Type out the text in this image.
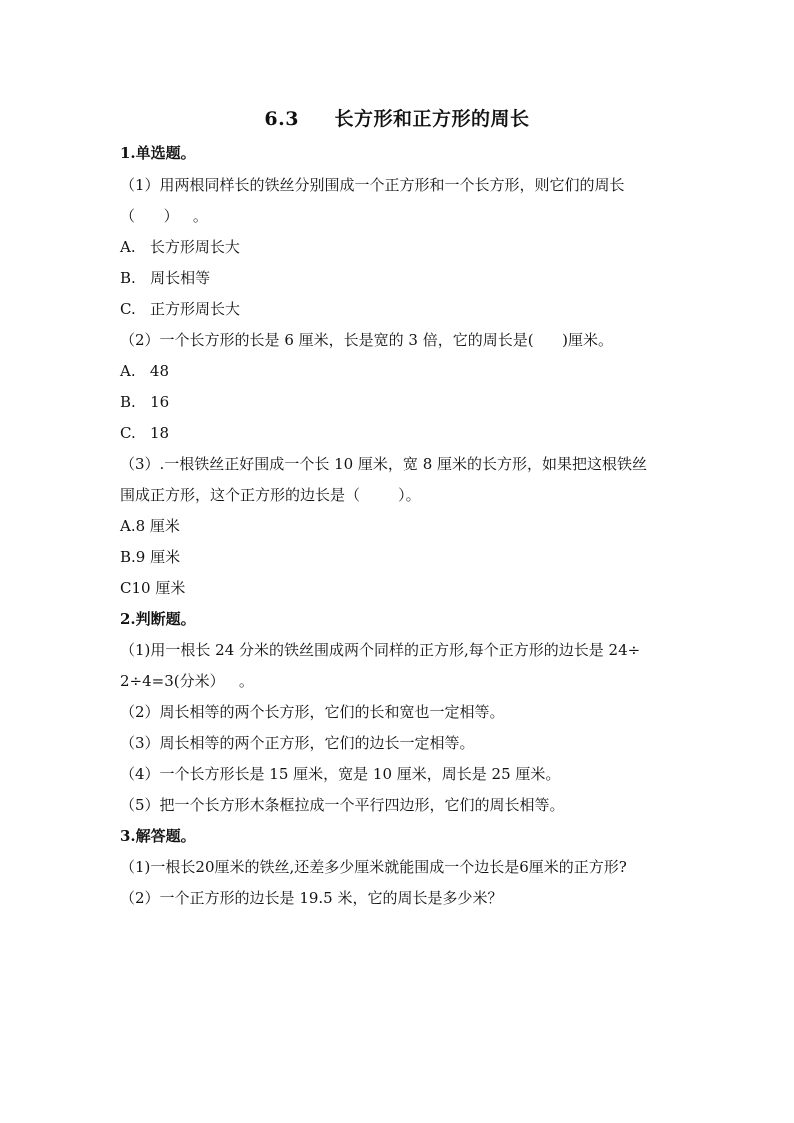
6.3     长方形和正方形的周长
1.单选题。
（1）用两根同样长的铁丝分别围成一个正方形和一个长方形，则它们的周长
（      ）   。
A.   长方形周长大
B.   周长相等
C.   正方形周长大
（2）一个长方形的长是 6 厘米，长是宽的 3 倍，它的周长是(      )厘米。
A.   48
B.   16
C.   18
（3）.一根铁丝正好围成一个长 10 厘米，宽 8 厘米的长方形，如果把这根铁丝
围成正方形，这个正方形的边长是（        ）。
A.8 厘米
B.9 厘米
C10 厘米
2.判断题。
（1)用一根长 24 分米的铁丝围成两个同样的正方形,每个正方形的边长是 24÷
2÷4=3(分米）   。
（2）周长相等的两个长方形，它们的长和宽也一定相等。
（3）周长相等的两个正方形，它们的边长一定相等。
（4）一个长方形长是 15 厘米，宽是 10 厘米，周长是 25 厘米。
（5）把一个长方形木条框拉成一个平行四边形，它们的周长相等。
3.解答题。
（1)一根长20厘米的铁丝,还差多少厘米就能围成一个边长是6厘米的正方形?
（2）一个正方形的边长是 19.5 米，它的周长是多少米？
